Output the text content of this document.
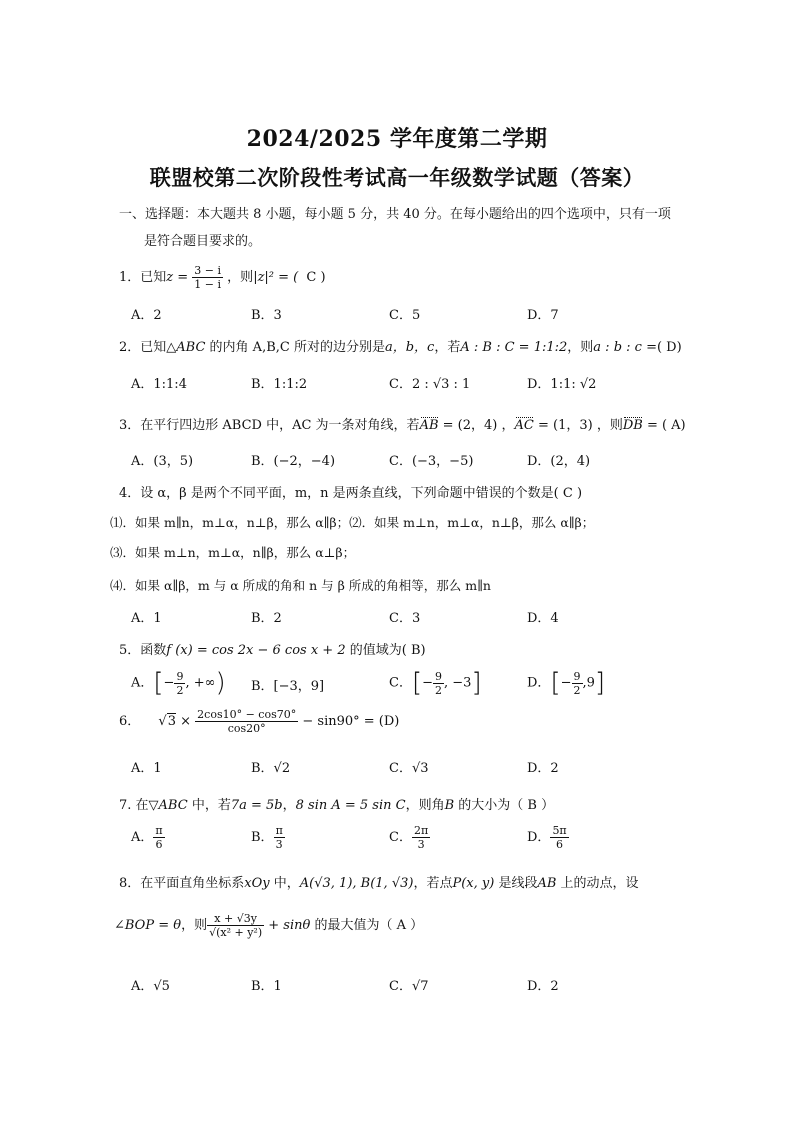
2024/2025 学年度第二学期
联盟校第二次阶段性考试高一年级数学试题（答案）
一、选择题：本大题共 8 小题，每小题 5 分，共 40 分。在每小题给出的四个选项中，只有一项
是符合题目要求的。
1．已知$z = \frac{3 - i}{1 - i}$ ，则|z|² = ( C )
A．2	B．3	C．5	D．7
2．已知△ABC 的内角 A,B,C 所对的边分别是a，b，c，若A : B : C = 1:1:2，则a : b : c =( D)
A．1:1:4	B．1:1:2	C．2 : √3 : 1	D．1:1: √2
3．在平行四边形 ABCD 中，AC 为一条对角线，若AB = (2，4) ，AC = (1，3) ，则DB = ( A)
A．(3，5)	B．(−2，−4)	C．(−3，−5)	D．(2，4)
4．设 α，β 是两个不同平面，m，n 是两条直线，下列命题中错误的个数是( C )
⑴．如果 m∥n，m⊥α，n⊥β，那么 α∥β；⑵．如果 m⊥n，m⊥α，n⊥β，那么 α∥β；
⑶．如果 m⊥n，m⊥α，n∥β，那么 α⊥β；
⑷．如果 α∥β，m 与 α 所成的角和 n 与 β 所成的角相等，那么 m∥n
A．1	B．2	C．3	D．4
5．函数f (x) = cos 2x − 6 cos x + 2 的值域为( B)
A．[− $\frac{9}{2}$ , +∞) B．[−3，9]	C．[− $\frac{9}{2}$ , −3]	D．[− $\frac{9}{2} ,9$]
6． $√3 \times \frac{2\cos 10^\circ - \cos 70^\circ}{\cos 20^\circ} - \sin 90^\circ = (D)$
A．1	B．√2	C．√3	D．2
7. 在▽ABC 中，若7a = 5b，8 sin A = 5 sin C，则角B 的大小为（ B ）
A． $\frac{\pi}{6}$	B． $\frac{\pi}{3}$	C． $\frac{2\pi}{3}$	D． $\frac{5\pi}{6}$
8．在平面直角坐标系xOy 中，A(√3, 1), B(1, √3)，若点P(x, y) 是线段AB 上的动点，设
∠BOP = θ，则 $\frac{x + √3y}{\text{√(x² + y²)}} + \sin\theta$ 的最大值为（ A ）
A．√5	B．1	C．√7	D．2
